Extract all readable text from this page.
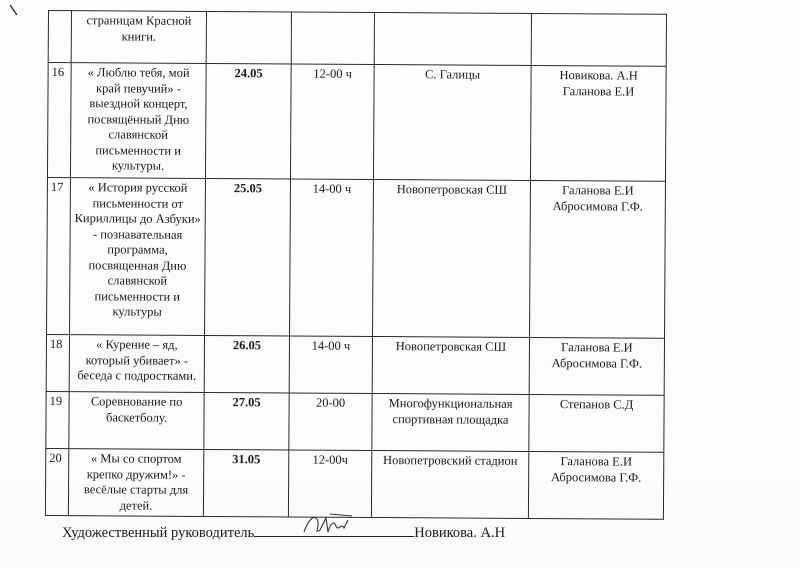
	страницам Красной книги.				
16	« Люблю тебя, мой край певучий» - выездной концерт, посвящённый Дню славянской письменности и культуры.	24.05	12-00 ч	С. Галицы	Новикова. А.Н Галанова Е.И
17	« История русской письменности от Кириллицы до Азбуки» - познавательная программа, посвященная Дню славянской письменности и культуры	25.05	14-00 ч	Новопетровская СШ	Галанова Е.И Абросимова Г.Ф.
18	« Курение – яд, который убивает» - беседа с подростками.	26.05	14-00 ч	Новопетровская СШ	Галанова Е.И Абросимова Г.Ф.
19	Соревнование по баскетболу.	27.05	20-00	Многофункциональная спортивная площадка	Степанов С.Д
20	« Мы со спортом крепко дружим!» - весёлые старты для детей.	31.05	12-00ч	Новопетровский стадион	Галанова Е.И Абросимова Г.Ф.
Художественный руководитель	Новикова. А.Н
